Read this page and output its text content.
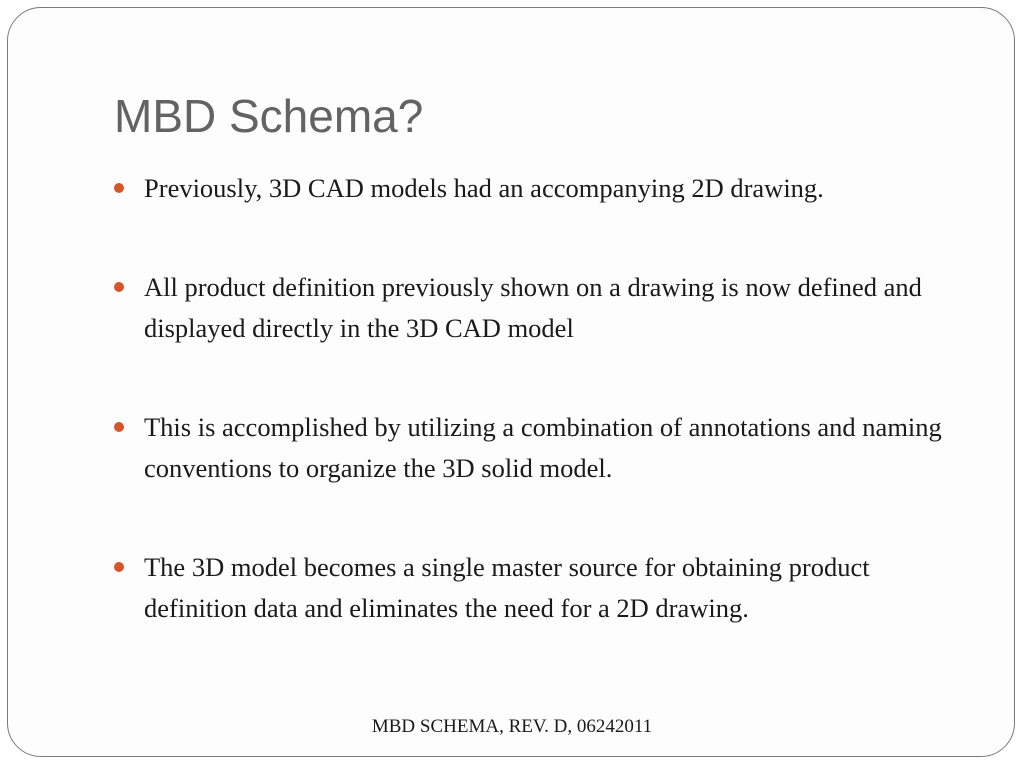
MBD Schema?
Previously, 3D CAD models had an accompanying 2D drawing.
All product definition previously shown on a drawing is now defined and displayed directly in the 3D CAD model
This is accomplished by utilizing a combination of annotations and naming conventions to organize the 3D solid model.
The 3D model becomes a single master source for obtaining product definition data and eliminates the need for a 2D drawing.
MBD SCHEMA, REV. D, 06242011
